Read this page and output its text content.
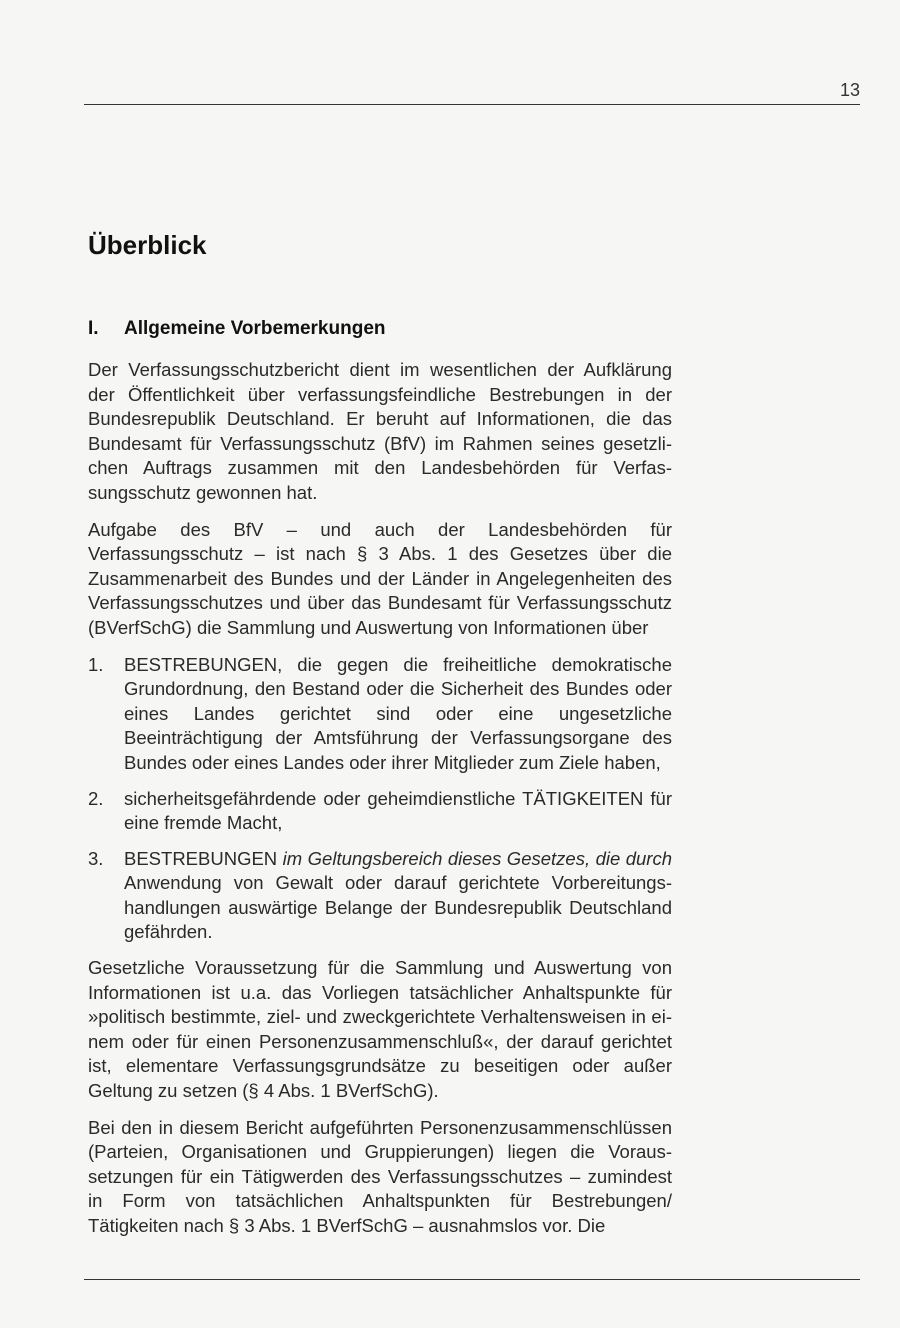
13
Überblick
I. Allgemeine Vorbemerkungen

Der Verfassungsschutzbericht dient im wesentlichen der Aufklärung der Öffentlichkeit über verfassungsfeindliche Bestrebungen in der Bundesrepublik Deutschland. Er beruht auf Informationen, die das Bundesamt für Verfassungsschutz (BfV) im Rahmen seines gesetzlichen Auftrags zusammen mit den Landesbehörden für Verfassungsschutz gewonnen hat.

Aufgabe des BfV – und auch der Landesbehörden für Verfassungsschutz – ist nach § 3 Abs. 1 des Gesetzes über die Zusammenarbeit des Bundes und der Länder in Angelegenheiten des Verfassungsschutzes und über das Bundesamt für Verfassungsschutz (BVerfSchG) die Sammlung und Auswertung von Informationen über

1.	BESTREBUNGEN, die gegen die freiheitliche demokratische Grundordnung, den Bestand oder die Sicherheit des Bundes oder eines Landes gerichtet sind oder eine ungesetzliche Beeinträchtigung der Amtsführung der Verfassungsorgane des Bundes oder eines Landes oder ihrer Mitglieder zum Ziele haben,
2.	sicherheitsgefährdende oder geheimdienstliche TÄTIGKEITEN für eine fremde Macht,
3.	BESTREBUNGEN im Geltungsbereich dieses Gesetzes, die durch Anwendung von Gewalt oder darauf gerichtete Vorbereitungshandlungen auswärtige Belange der Bundesrepublik Deutschland gefährden.

Gesetzliche Voraussetzung für die Sammlung und Auswertung von Informationen ist u.a. das Vorliegen tatsächlicher Anhaltspunkte für »politisch bestimmte, ziel- und zweckgerichtete Verhaltensweisen in einem oder für einen Personenzusammenschluß«, der darauf gerichtet ist, elementare Verfassungsgrundsätze zu beseitigen oder außer Geltung zu setzen (§ 4 Abs. 1 BVerfSchG).

Bei den in diesem Bericht aufgeführten Personenzusammenschlüssen (Parteien, Organisationen und Gruppierungen) liegen die Voraussetzungen für ein Tätigwerden des Verfassungsschutzes – zumindest in Form von tatsächlichen Anhaltspunkten für Bestrebungen/ Tätigkeiten nach § 3 Abs. 1 BVerfSchG – ausnahmslos vor. Die
